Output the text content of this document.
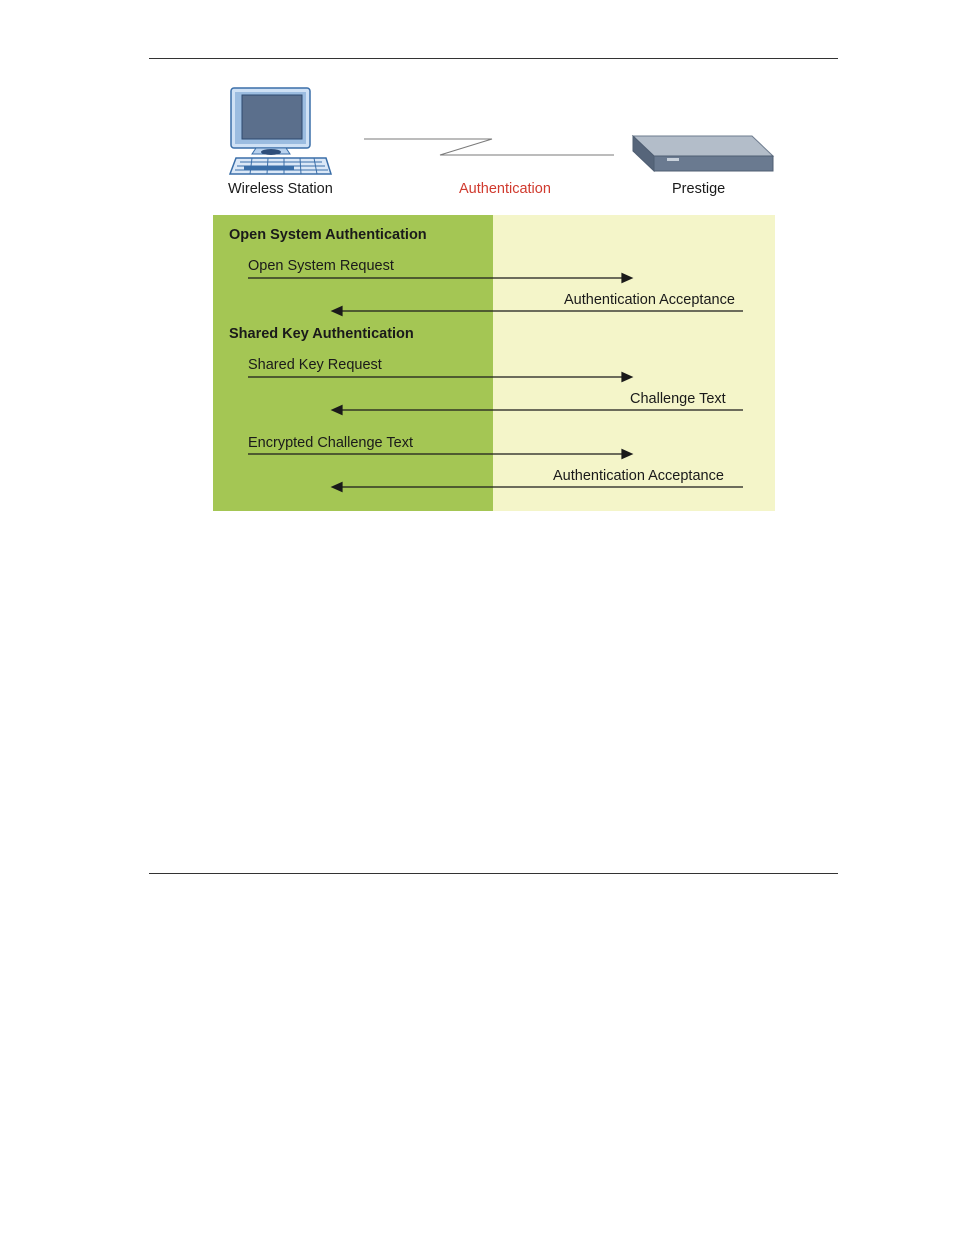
Wireless Station	Authentication	Prestige
Open System Authentication
Open System Request
Authentication Acceptance
Shared Key Authentication
Shared Key Request
Challenge Text
Encrypted Challenge Text
Authentication Acceptance
